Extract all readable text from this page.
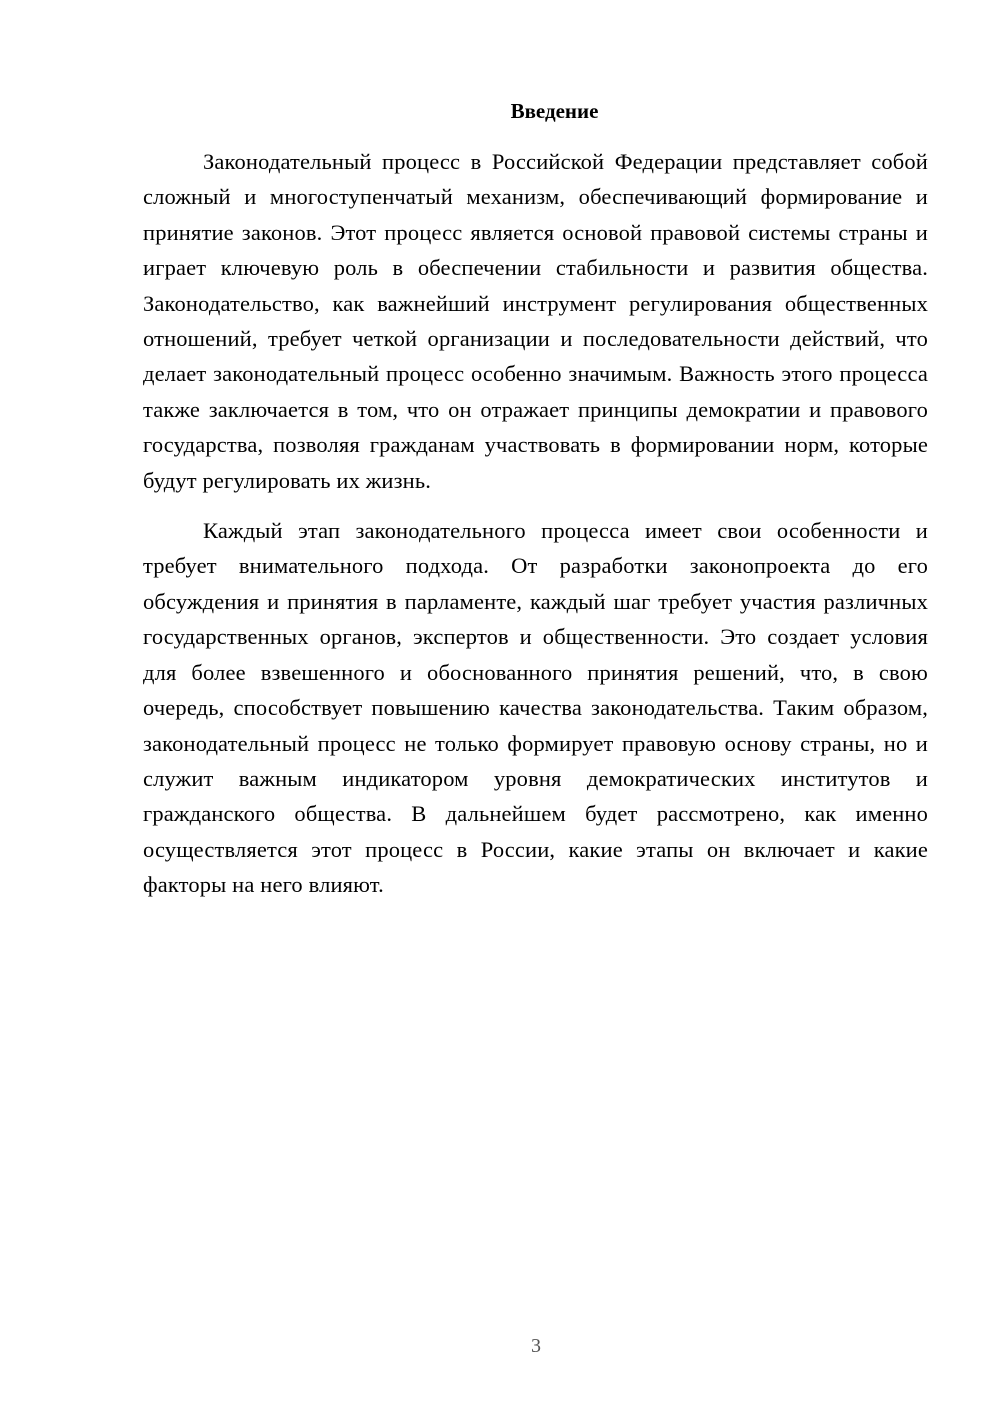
Введение

Законодательный процесс в Российской Федерации представляет собой сложный и многоступенчатый механизм, обеспечивающий формирование и принятие законов. Этот процесс является основой правовой системы страны и играет ключевую роль в обеспечении стабильности и развития общества. Законодательство, как важнейший инструмент регулирования общественных отношений, требует четкой организации и последовательности действий, что делает законодательный процесс особенно значимым. Важность этого процесса также заключается в том, что он отражает принципы демократии и правового государства, позволяя гражданам участвовать в формировании норм, которые будут регулировать их жизнь.

Каждый этап законодательного процесса имеет свои особенности и требует внимательного подхода. От разработки законопроекта до его обсуждения и принятия в парламенте, каждый шаг требует участия различных государственных органов, экспертов и общественности. Это создает условия для более взвешенного и обоснованного принятия решений, что, в свою очередь, способствует повышению качества законодательства. Таким образом, законодательный процесс не только формирует правовую основу страны, но и служит важным индикатором уровня демократических институтов и гражданского общества. В дальнейшем будет рассмотрено, как именно осуществляется этот процесс в России, какие этапы он включает и какие факторы на него влияют.

3
